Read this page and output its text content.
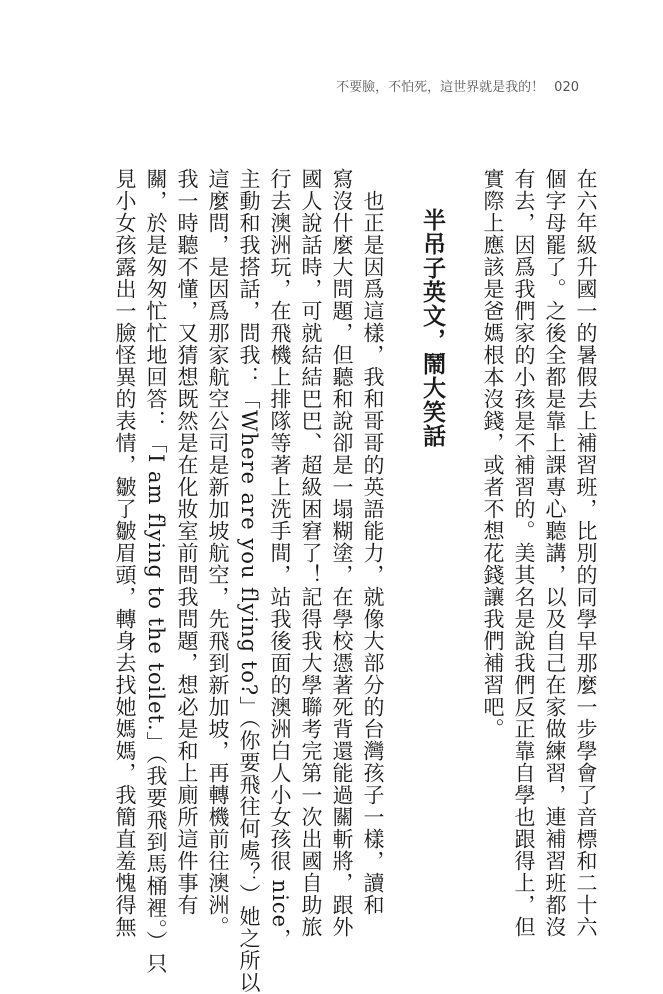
不要臉，不怕死，這世界就是我的！ 020
在六年級升國一的暑假去上補習班，比別的同學早那麼一步學會了音標和二十六
個字母罷了。之後全都是靠上課專心聽講，以及自己在家做練習，連補習班都沒
有去，因爲我們家的小孩是不補習的。美其名是說我們反正靠自學也跟得上，但
實際上應該是爸媽根本沒錢，或者不想花錢讓我們補習吧。
半吊子英文，鬧大笑話
　也正是因爲這樣，我和哥哥的英語能力，就像大部分的台灣孩子一樣，讀和
寫沒什麼大問題，但聽和說卻是一塌糊塗，在學校憑著死背還能過關斬將，跟外
國人說話時，可就結結巴巴、超級困窘了！記得我大學聯考完第一次出國自助旅
行去澳洲玩，在飛機上排隊等著上洗手間，站我後面的澳洲白人小女孩很 nice，
主動和我搭話，問我：「Where are you flying to?」（你要飛往何處？）她之所以
這麼問，是因爲那家航空公司是新加坡航空，先飛到新加坡，再轉機前往澳洲。
我一時聽不懂，又猜想既然是在化妝室前問我問題，想必是和上廁所這件事有
關，於是匆匆忙忙地回答：「I am flying to the toilet.」（我要飛到馬桶裡。）只
見小女孩露出一臉怪異的表情，皺了皺眉頭，轉身去找她媽媽，我簡直羞愧得無
